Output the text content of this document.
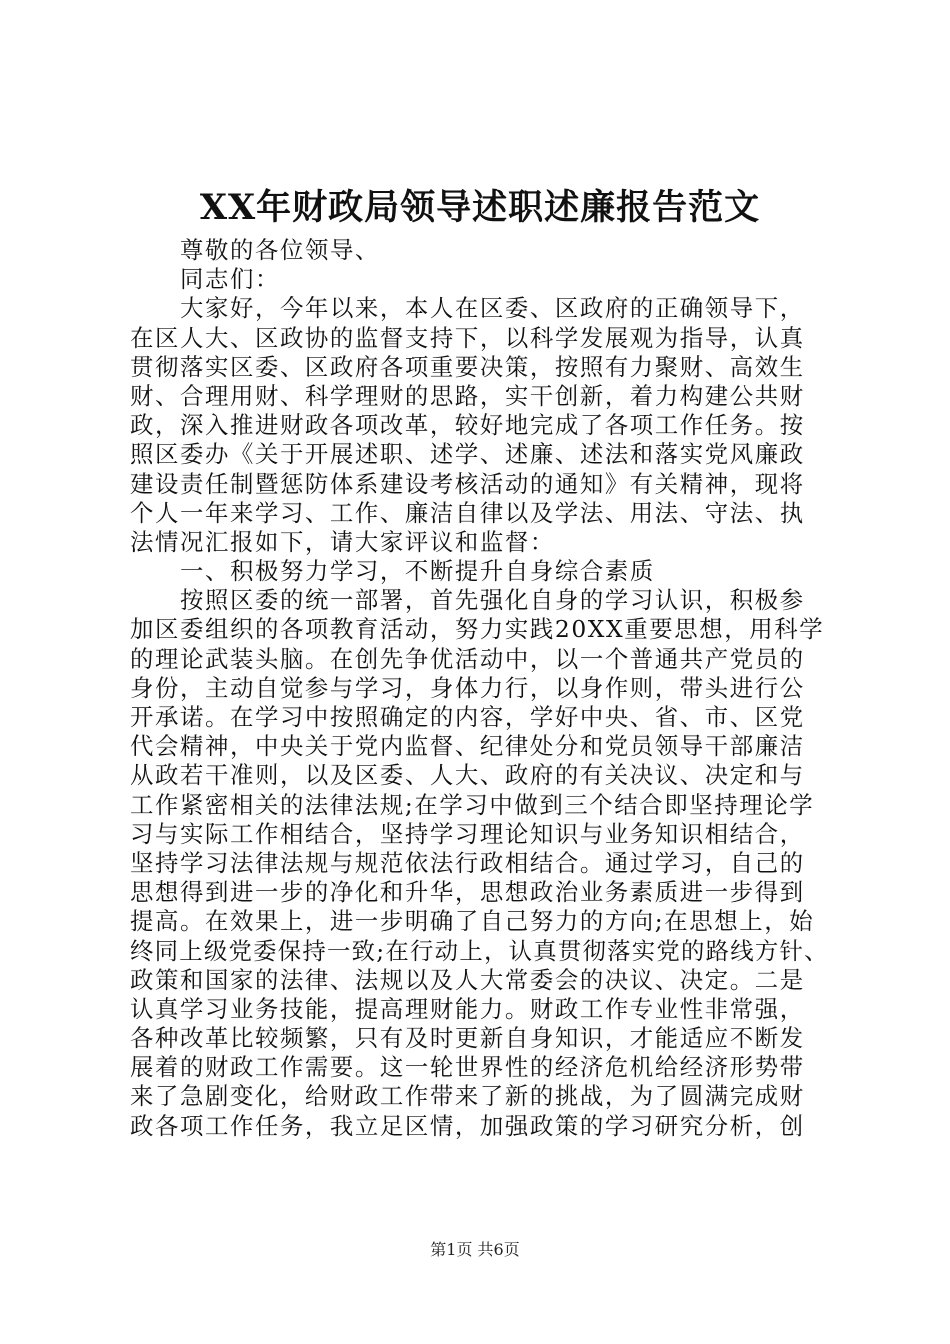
XX年财政局领导述职述廉报告范文
尊敬的各位领导、
同志们：
大家好，今年以来，本人在区委、区政府的正确领导下，
在区人大、区政协的监督支持下，以科学发展观为指导，认真
贯彻落实区委、区政府各项重要决策，按照有力聚财、高效生
财、合理用财、科学理财的思路，实干创新，着力构建公共财
政，深入推进财政各项改革，较好地完成了各项工作任务。按
照区委办《关于开展述职、述学、述廉、述法和落实党风廉政
建设责任制暨惩防体系建设考核活动的通知》有关精神，现将
个人一年来学习、工作、廉洁自律以及学法、用法、守法、执
法情况汇报如下，请大家评议和监督：
一、积极努力学习，不断提升自身综合素质
按照区委的统一部署，首先强化自身的学习认识，积极参
加区委组织的各项教育活动，努力实践20XX重要思想，用科学
的理论武装头脑。在创先争优活动中，以一个普通共产党员的
身份，主动自觉参与学习，身体力行，以身作则，带头进行公
开承诺。在学习中按照确定的内容，学好中央、省、市、区党
代会精神，中央关于党内监督、纪律处分和党员领导干部廉洁
从政若干准则，以及区委、人大、政府的有关决议、决定和与
工作紧密相关的法律法规;在学习中做到三个结合即坚持理论学
习与实际工作相结合，坚持学习理论知识与业务知识相结合，
坚持学习法律法规与规范依法行政相结合。通过学习，自己的
思想得到进一步的净化和升华，思想政治业务素质进一步得到
提高。在效果上，进一步明确了自己努力的方向;在思想上，始
终同上级党委保持一致;在行动上，认真贯彻落实党的路线方针、
政策和国家的法律、法规以及人大常委会的决议、决定。二是
认真学习业务技能，提高理财能力。财政工作专业性非常强，
各种改革比较频繁，只有及时更新自身知识，才能适应不断发
展着的财政工作需要。这一轮世界性的经济危机给经济形势带
来了急剧变化，给财政工作带来了新的挑战，为了圆满完成财
政各项工作任务，我立足区情，加强政策的学习研究分析，创
第1页 共6页
